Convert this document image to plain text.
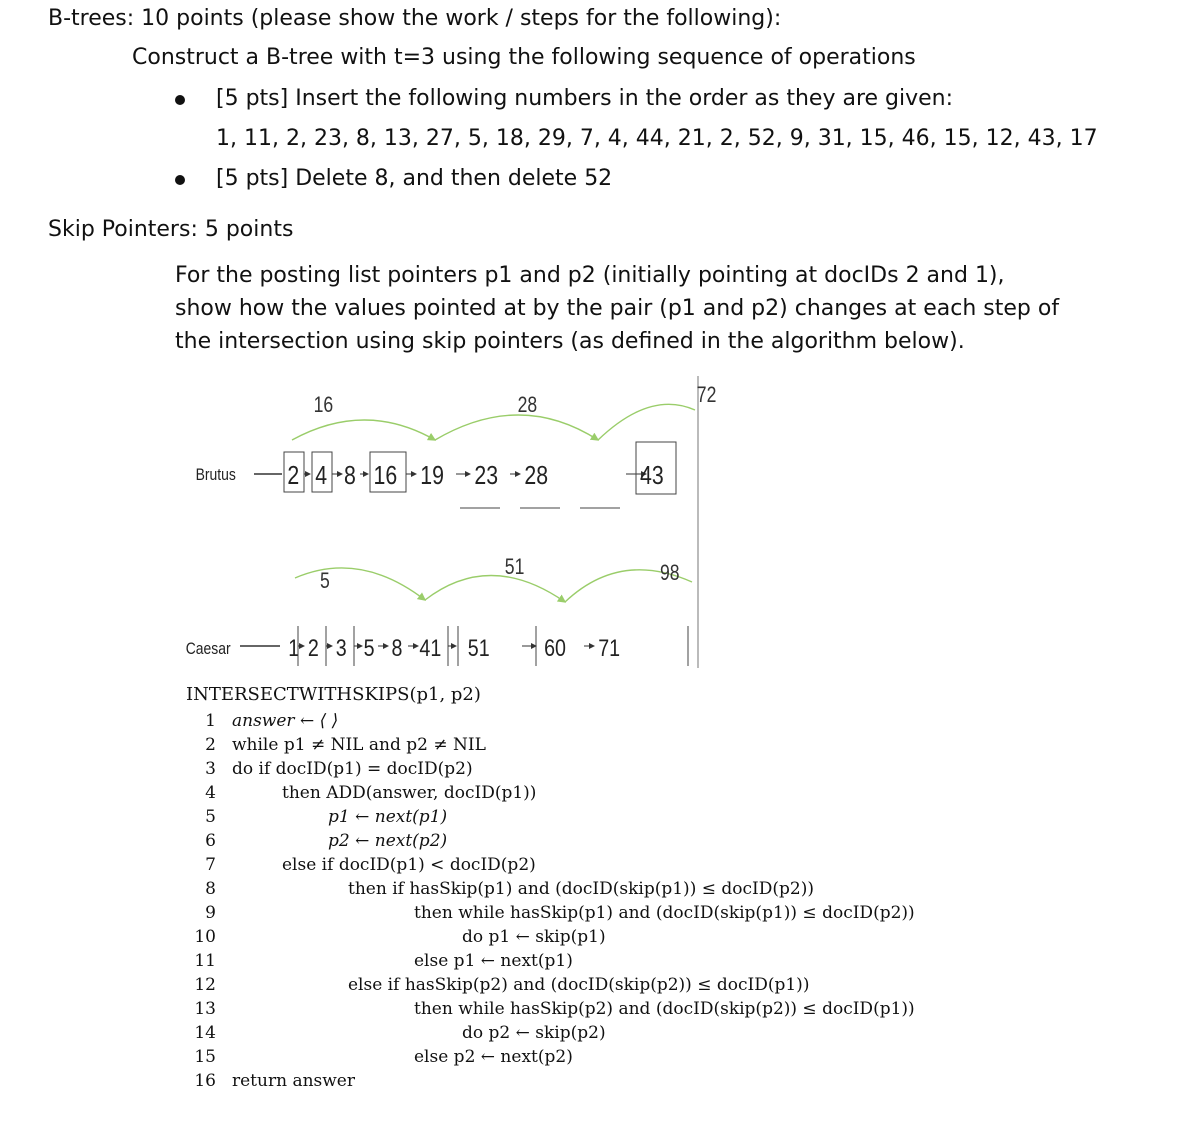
B-trees: 10 points (please show the work / steps for the following):
Construct a B-tree with t=3 using the following sequence of operations
[5 pts] Insert the following numbers in the order as they are given:
1, 11, 2, 23, 8, 13, 27, 5, 18, 29, 7, 4, 44, 21, 2, 52, 9, 31, 15, 46, 15, 12, 43, 17
[5 pts] Delete 8, and then delete 52
Skip Pointers: 5 points
For the posting list pointers p1 and p2 (initially pointing at docIDs 2 and 1),
show how the values pointed at by the pair (p1 and p2) changes at each step of
the intersection using skip pointers (as defined in the algorithm below).
16	28	72
Brutus 2 4 8 16 19 23 28	43
5
51	98
Caesar 1 2 3 5 8 41 51 60 71
INTERSECTWITHSKIPS(p1, p2)
1 answer ← ⟨ ⟩
2 while p1 ≠ NIL and p2 ≠ NIL
3 do if docID(p1) = docID(p2)
4	then ADD(answer, docID(p1))
5	p1 ← next(p1)
6	p2 ← next(p2)
7	else if docID(p1) < docID(p2)
8	then if hasSkip(p1) and (docID(skip(p1)) ≤ docID(p2))
9	then while hasSkip(p1) and (docID(skip(p1)) ≤ docID(p2))
10	do p1 ← skip(p1)
11	else p1 ← next(p1)
12	else if hasSkip(p2) and (docID(skip(p2)) ≤ docID(p1))
13	then while hasSkip(p2) and (docID(skip(p2)) ≤ docID(p1))
14	do p2 ← skip(p2)
15	else p2 ← next(p2)
16 return answer
